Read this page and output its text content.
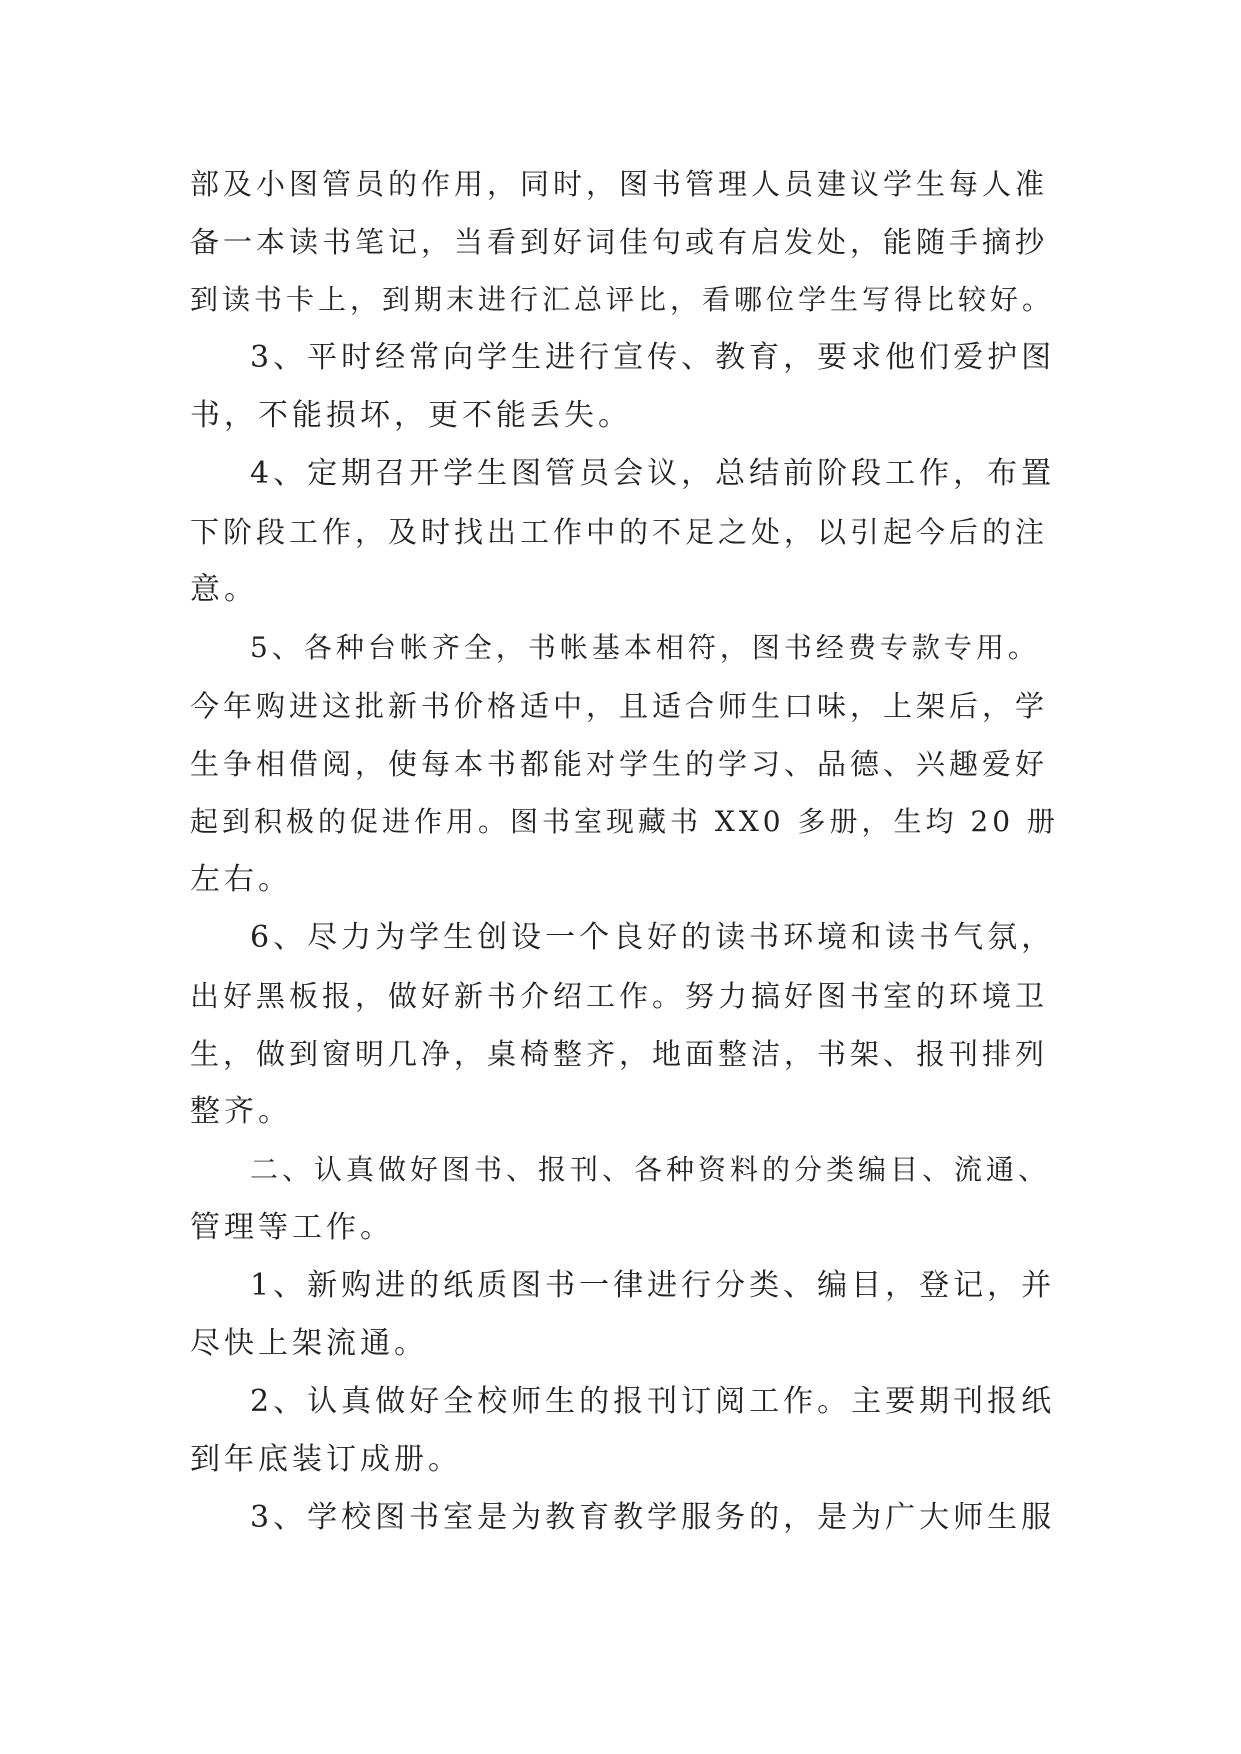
部及小图管员的作用，同时，图书管理人员建议学生每人准
备一本读书笔记，当看到好词佳句或有启发处，能随手摘抄
到读书卡上，到期末进行汇总评比，看哪位学生写得比较好。
3、平时经常向学生进行宣传、教育，要求他们爱护图
书，不能损坏，更不能丢失。
4、定期召开学生图管员会议，总结前阶段工作，布置
下阶段工作，及时找出工作中的不足之处，以引起今后的注
意。
5、各种台帐齐全，书帐基本相符，图书经费专款专用。
今年购进这批新书价格适中，且适合师生口味，上架后，学
生争相借阅，使每本书都能对学生的学习、品德、兴趣爱好
起到积极的促进作用。图书室现藏书 XX0 多册，生均 20 册
左右。
6、尽力为学生创设一个良好的读书环境和读书气氛，
出好黑板报，做好新书介绍工作。努力搞好图书室的环境卫
生，做到窗明几净，桌椅整齐，地面整洁，书架、报刊排列
整齐。
二、认真做好图书、报刊、各种资料的分类编目、流通、
管理等工作。
1、新购进的纸质图书一律进行分类、编目，登记，并
尽快上架流通。
2、认真做好全校师生的报刊订阅工作。主要期刊报纸
到年底装订成册。
3、学校图书室是为教育教学服务的，是为广大师生服
